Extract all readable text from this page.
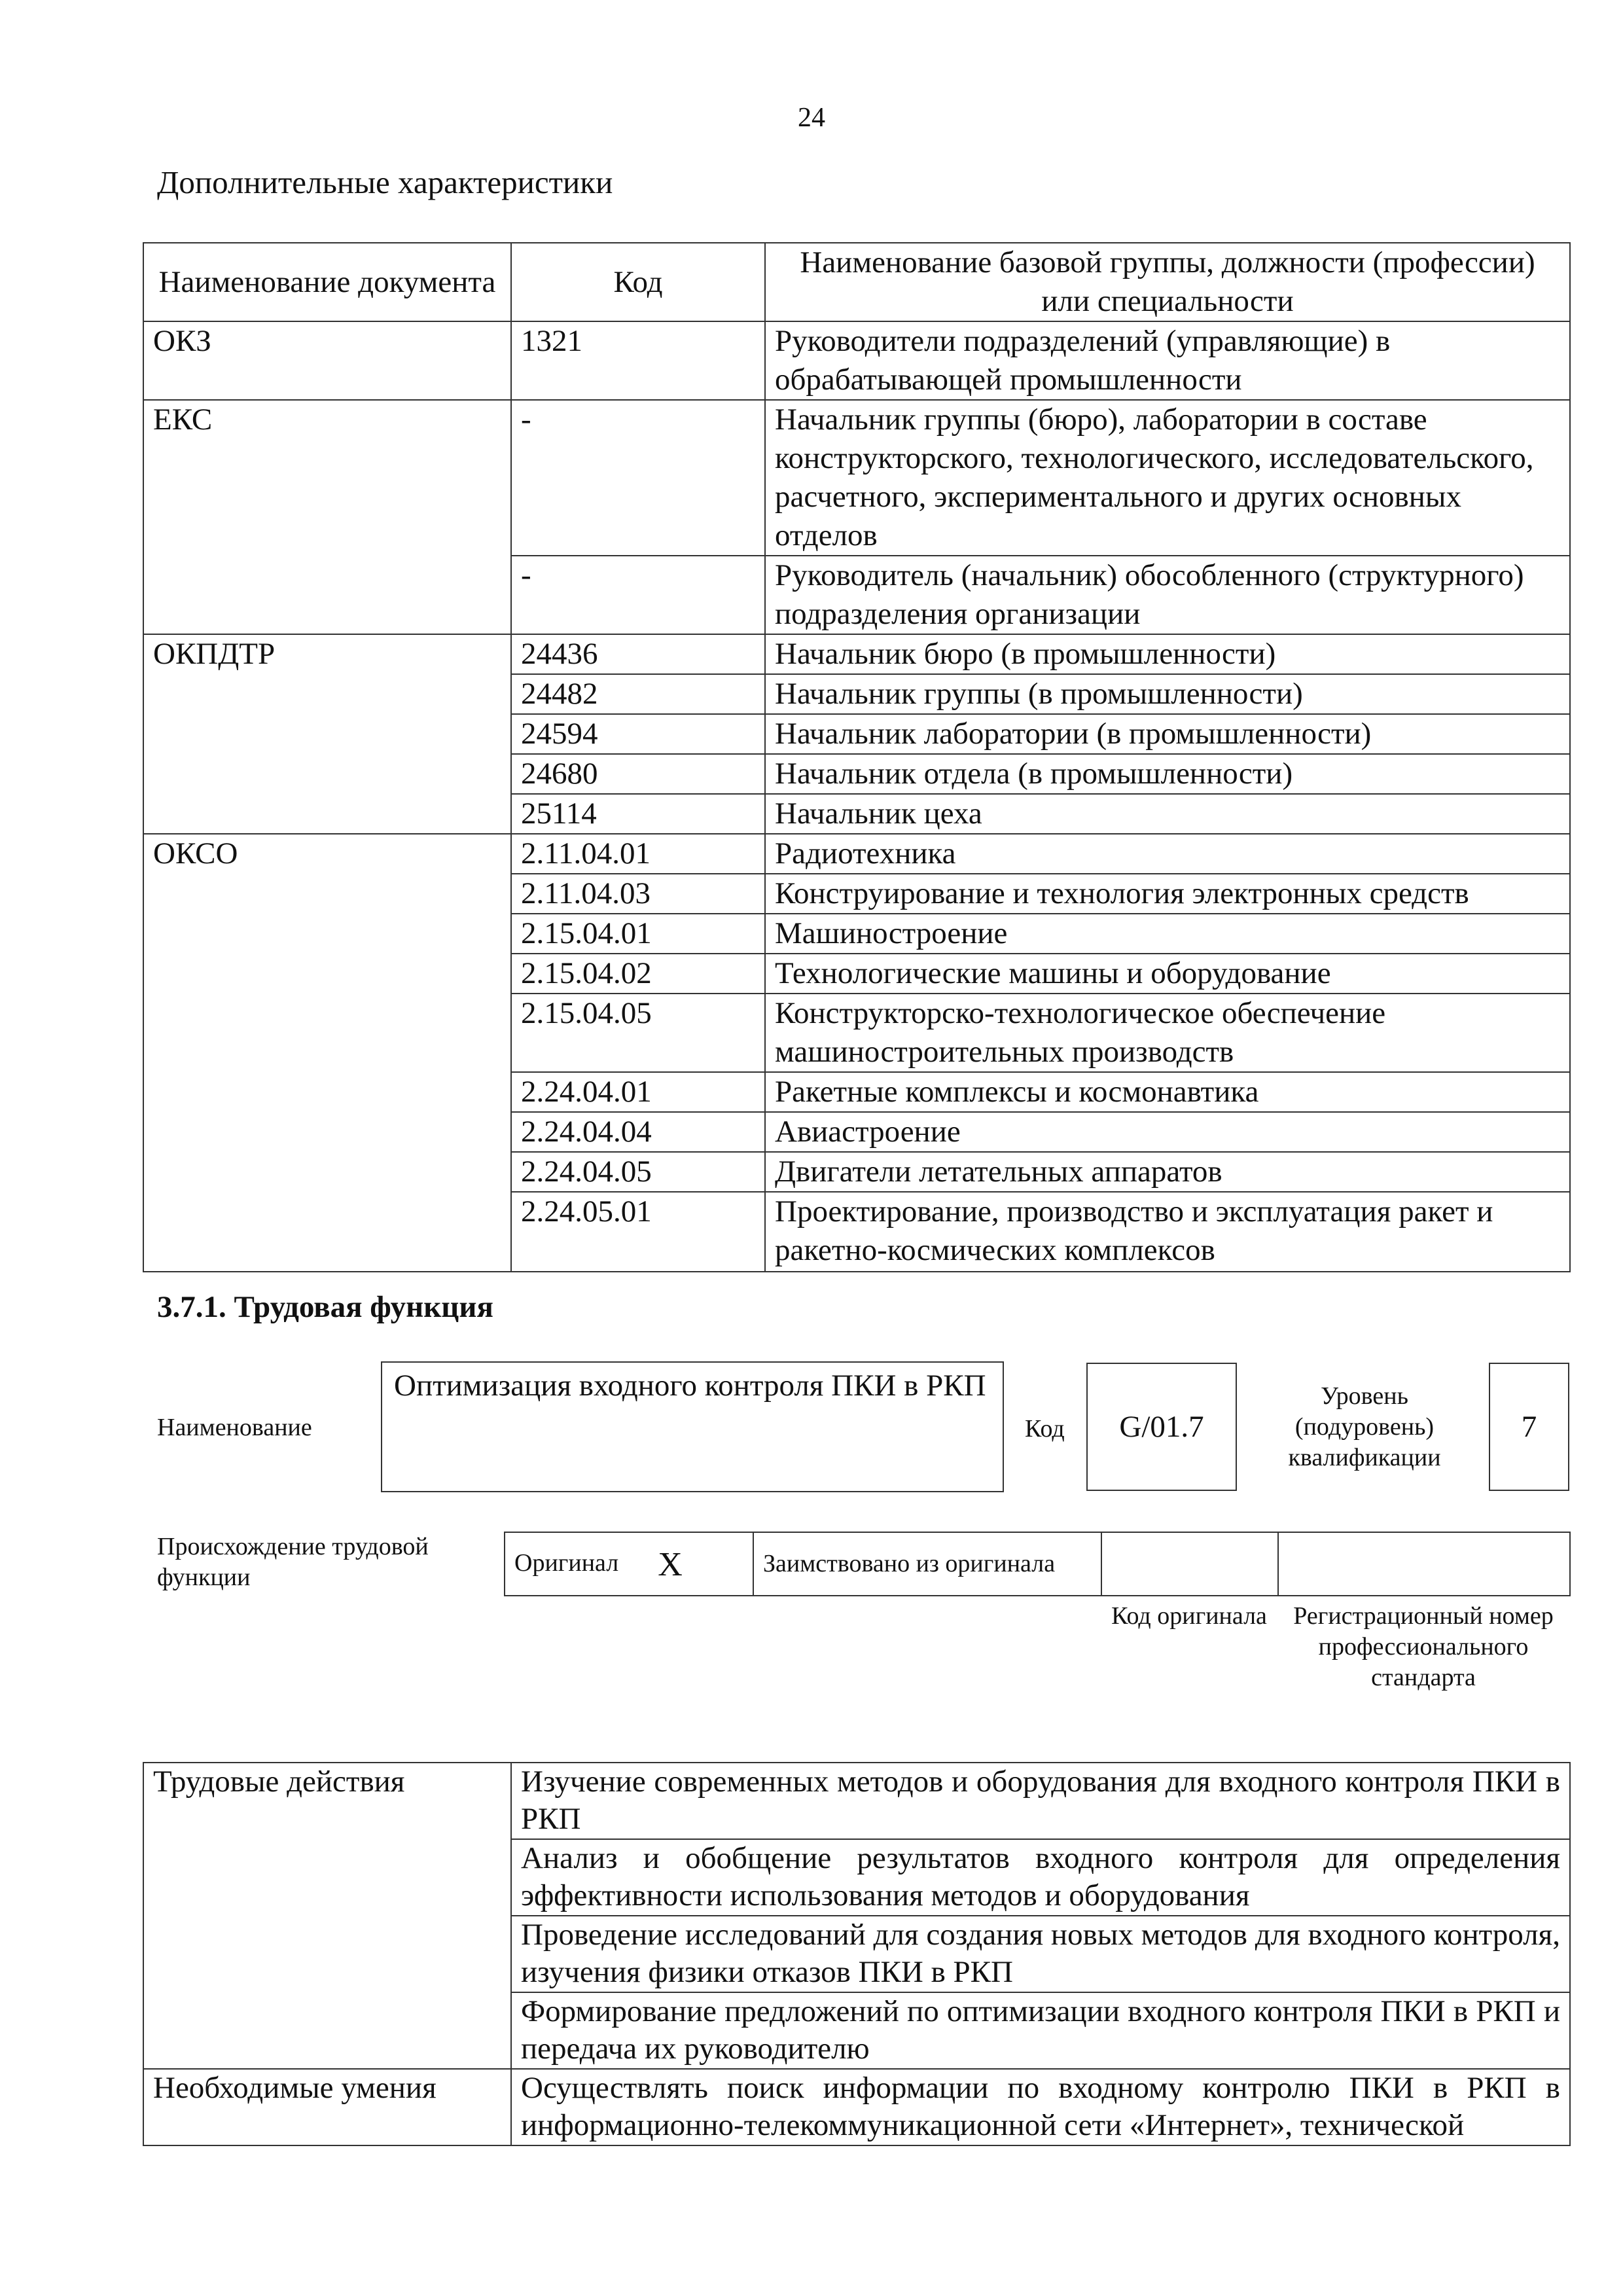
24
Дополнительные характеристики
Наименование документа	Код	Наименование базовой группы, должности (профессии) или специальности
ОКЗ	1321	Руководители подразделений (управляющие) в обрабатывающей промышленности
ЕКС	-	Начальник группы (бюро), лаборатории в составе конструкторского, технологического, исследовательского, расчетного, экспериментального и других основных отделов
	-	Руководитель (начальник) обособленного (структурного) подразделения организации
ОКПДТР	24436	Начальник бюро (в промышленности)
	24482	Начальник группы (в промышленности)
	24594	Начальник лаборатории (в промышленности)
	24680	Начальник отдела (в промышленности)
	25114	Начальник цеха
ОКСО	2.11.04.01	Радиотехника
	2.11.04.03	Конструирование и технология электронных средств
	2.15.04.01	Машиностроение
	2.15.04.02	Технологические машины и оборудование
	2.15.04.05	Конструкторско-технологическое обеспечение машиностроительных производств
	2.24.04.01	Ракетные комплексы и космонавтика
	2.24.04.04	Авиастроение
	2.24.04.05	Двигатели летательных аппаратов
	2.24.05.01	Проектирование, производство и эксплуатация ракет и ракетно-космических комплексов
3.7.1. Трудовая функция
Наименование
Оптимизация входного контроля ПКИ в РКП
Код	G/01.7
Уровень (подуровень) квалификации
7
Происхождение трудовой функции
Оригинал X	Заимствовано из оригинала		
Код оригинала	Регистрационный номер профессионального стандарта
Трудовые действия	Изучение современных методов и оборудования для входного контроля ПКИ в РКП
	Анализ и обобщение результатов входного контроля для определения эффективности использования методов и оборудования
	Проведение исследований для создания новых методов для входного контроля, изучения физики отказов ПКИ в РКП
	Формирование предложений по оптимизации входного контроля ПКИ в РКП и передача их руководителю
Необходимые умения	Осуществлять поиск информации по входному контролю ПКИ в РКП в информационно-телекоммуникационной сети «Интернет», технической
